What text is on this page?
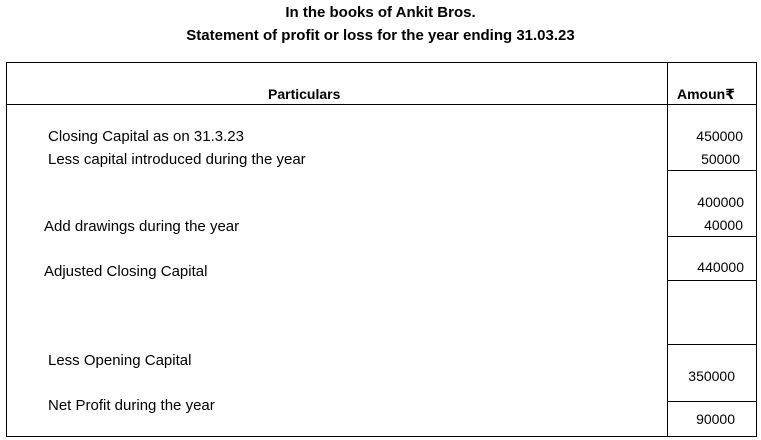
In the books of Ankit Bros.
Statement of profit or loss for the year ending 31.03.23
Particulars	Amoun₹
Closing Capital as on 31.3.23
Less capital introduced during the year
Add drawings during the year
Adjusted Closing Capital
Less Opening Capital
Net Profit during the year
450000
50000
400000
40000
440000
350000
90000
